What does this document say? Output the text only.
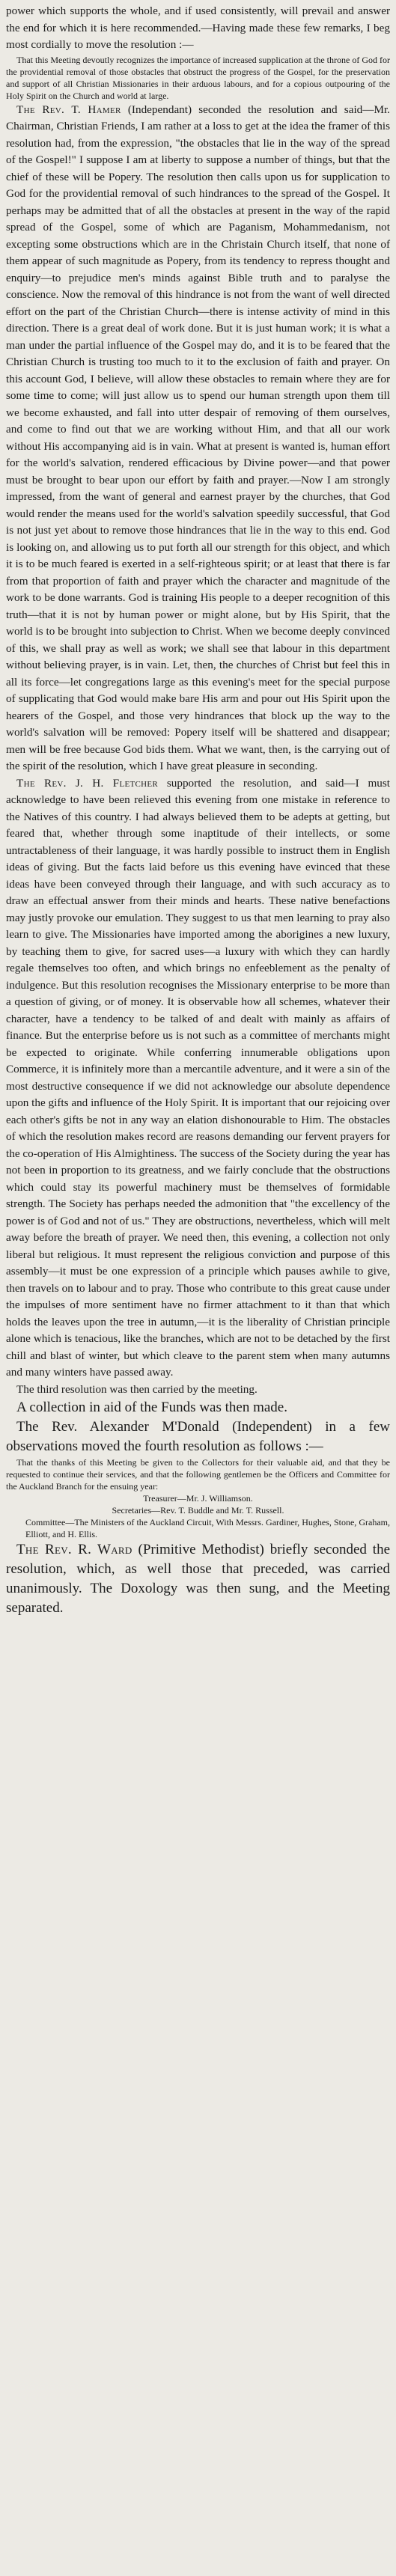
power which supports the whole, and if used consistently, will prevail and answer the end for which it is here recommended.—Having made these few remarks, I beg most cordially to move the resolution :—

That this Meeting devoutly recognizes the importance of increased supplication at the throne of God for the providential removal of those obstacles that obstruct the progress of the Gospel, for the preservation and support of all Christian Missionaries in their arduous labours, and for a copious outpouring of the Holy Spirit on the Church and world at large.

The Rev. T. Hamer (Independant) seconded the resolution and said—Mr. Chairman, Christian Friends, I am rather at a loss to get at the idea the framer of this resolution had, from the expression, "the obstacles that lie in the way of the spread of the Gospel!" I suppose I am at liberty to suppose a number of things, but that the chief of these will be Popery. The resolution then calls upon us for supplication to God for the providential removal of such hindrances to the spread of the Gospel. It perhaps may be admitted that of all the obstacles at present in the way of the rapid spread of the Gospel, some of which are Paganism, Mohammedanism, not excepting some obstructions which are in the Christain Church itself, that none of them appear of such magnitude as Popery, from its tendency to repress thought and enquiry—to prejudice men's minds against Bible truth and to paralyse the conscience. Now the removal of this hindrance is not from the want of well directed effort on the part of the Christian Church—there is intense activity of mind in this direction. There is a great deal of work done. But it is just human work; it is what a man under the partial influence of the Gospel may do, and it is to be feared that the Christian Church is trusting too much to it to the exclusion of faith and prayer. On this account God, I believe, will allow these obstacles to remain where they are for some time to come; will just allow us to spend our human strength upon them till we become exhausted, and fall into utter despair of removing of them ourselves, and come to find out that we are working without Him, and that all our work without His accompanying aid is in vain. What at present is wanted is, human effort for the world's salvation, rendered efficacious by Divine power—and that power must be brought to bear upon our effort by faith and prayer.—Now I am strongly impressed, from the want of general and earnest prayer by the churches, that God would render the means used for the world's salvation speedily successful, that God is not just yet about to remove those hindrances that lie in the way to this end. God is looking on, and allowing us to put forth all our strength for this object, and which it is to be much feared is exerted in a self-righteous spirit; or at least that there is far from that proportion of faith and prayer which the character and magnitude of the work to be done warrants. God is training His people to a deeper recognition of this truth—that it is not by human power or might alone, but by His Spirit, that the world is to be brought into subjection to Christ. When we become deeply convinced of this, we shall pray as well as work; we shall see that labour in this department without believing prayer, is in vain. Let, then, the churches of Christ but feel this in all its force—let congregations large as this evening's meet for the special purpose of supplicating that God would make bare His arm and pour out His Spirit upon the hearers of the Gospel, and those very hindrances that block up the way to the world's salvation will be removed: Popery itself will be shattered and disappear; men will be free because God bids them. What we want, then, is the carrying out of the spirit of the resolution, which I have great pleasure in seconding.

The Rev. J. H. Fletcher supported the resolution, and said—I must acknowledge to have been relieved this evening from one mistake in reference to the Natives of this country. I had always believed them to be adepts at getting, but feared that, whether through some inaptitude of their intellects, or some untractableness of their language, it was hardly possible to instruct them in English ideas of giving. But the facts laid before us this evening have evinced that these ideas have been conveyed through their language, and with such accuracy as to draw an effectual answer from their minds and hearts. These native benefactions may justly provoke our emulation. They suggest to us that men learning to pray also learn to give. The Missionaries have imported among the aborigines a new luxury, by teaching them to give, for sacred uses—a luxury with which they can hardly regale themselves too often, and which brings no enfeeblement as the penalty of indulgence. But this resolution recognises the Missionary enterprise to be more than a question of giving, or of money. It is observable how all schemes, whatever their character, have a tendency to be talked of and dealt with mainly as affairs of finance. But the enterprise before us is not such as a committee of merchants might be expected to originate. While conferring innumerable obligations upon Commerce, it is infinitely more than a mercantile adventure, and it were a sin of the most destructive consequence if we did not acknowledge our absolute dependence upon the gifts and influence of the Holy Spirit. It is important that our rejoicing over each other's gifts be not in any way an elation dishonourable to Him. The obstacles of which the resolution makes record are reasons demanding our fervent prayers for the co-operation of His Almightiness. The success of the Society during the year has not been in proportion to its greatness, and we fairly conclude that the obstructions which could stay its powerful machinery must be themselves of formidable strength. The Society has perhaps needed the admonition that "the excellency of the power is of God and not of us." They are obstructions, nevertheless, which will melt away before the breath of prayer. We need then, this evening, a collection not only liberal but religious. It must represent the religious conviction and purpose of this assembly—it must be one expression of a principle which pauses awhile to give, then travels on to labour and to pray. Those who contribute to this great cause under the impulses of more sentiment have no firmer attachment to it than that which holds the leaves upon the tree in autumn,—it is the liberality of Christian principle alone which is tenacious, like the branches, which are not to be detached by the first chill and blast of winter, but which cleave to the parent stem when many autumns and many winters have passed away.

The third resolution was then carried by the meeting.

A collection in aid of the Funds was then made.

The Rev. Alexander M'Donald (Independent) in a few observations moved the fourth resolution as follows :—

That the thanks of this Meeting be given to the Collectors for their valuable aid, and that they be requested to continue their services, and that the following gentlemen be the Officers and Committee for the Auckland Branch for the ensuing year:

Treasurer—Mr. J. Williamson.

Secretaries—Rev. T. Buddle and Mr. T. Russell.

Committee—The Ministers of the Auckland Circuit, With Messrs. Gardiner, Hughes, Stone, Graham, Elliott, and H. Ellis.

The Rev. R. Ward (Primitive Methodist) briefly seconded the resolution, which, as well those that preceded, was carried unanimously. The Doxology was then sung, and the Meeting separated.
